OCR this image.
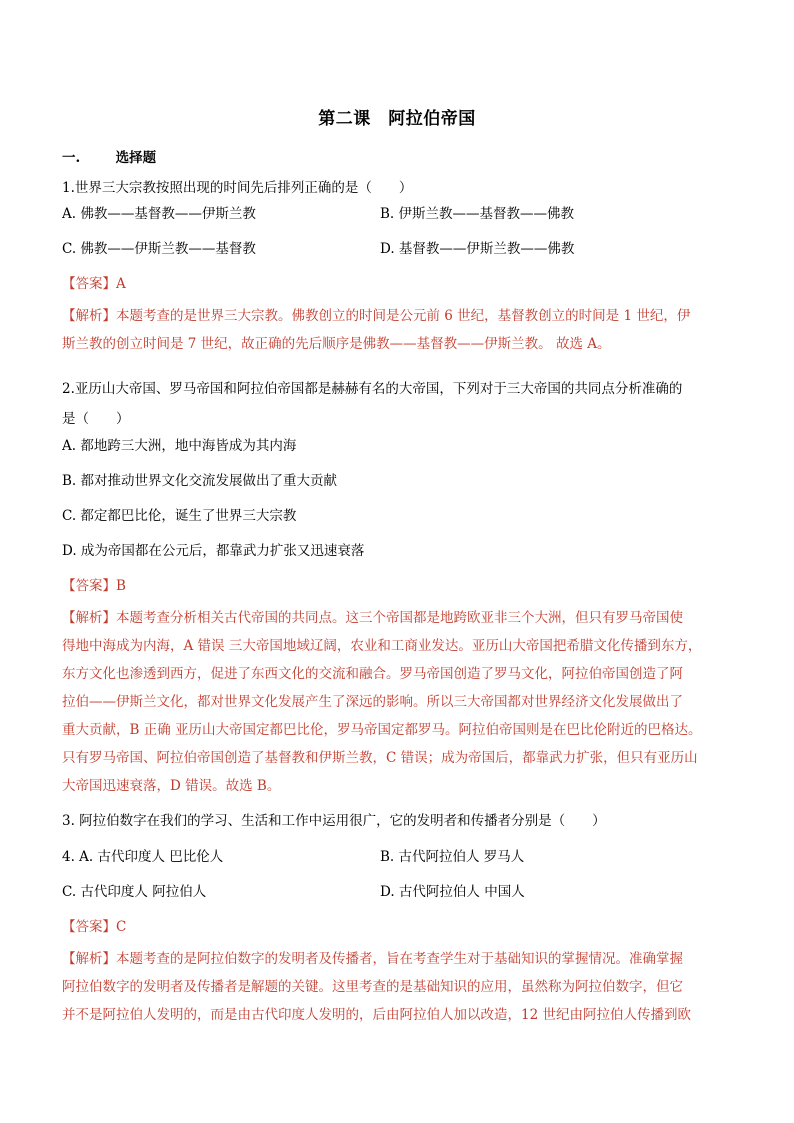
第二课　阿拉伯帝国
一.	选择题
1.世界三大宗教按照出现的时间先后排列正确的是（　　）
A. 佛教——基督教——伊斯兰教	B. 伊斯兰教——基督教——佛教
C. 佛教——伊斯兰教——基督教	D. 基督教——伊斯兰教——佛教
【答案】A
【解析】本题考查的是世界三大宗教。佛教创立的时间是公元前 6 世纪，基督教创立的时间是 1 世纪，伊
斯兰教的创立时间是 7 世纪，故正确的先后顺序是佛教——基督教——伊斯兰教。 故选 A。
2.亚历山大帝国、罗马帝国和阿拉伯帝国都是赫赫有名的大帝国，下列对于三大帝国的共同点分析准确的
是（　　）
A. 都地跨三大洲，地中海皆成为其内海
B. 都对推动世界文化交流发展做出了重大贡献
C. 都定都巴比伦，诞生了世界三大宗教
D. 成为帝国都在公元后，都靠武力扩张又迅速衰落
【答案】B
【解析】本题考查分析相关古代帝国的共同点。这三个帝国都是地跨欧亚非三个大洲，但只有罗马帝国使
得地中海成为内海，A 错误 三大帝国地域辽阔，农业和工商业发达。亚历山大帝国把希腊文化传播到东方，
东方文化也渗透到西方，促进了东西文化的交流和融合。罗马帝国创造了罗马文化，阿拉伯帝国创造了阿
拉伯——伊斯兰文化，都对世界文化发展产生了深远的影响。所以三大帝国都对世界经济文化发展做出了
重大贡献，B 正确 亚历山大帝国定都巴比伦，罗马帝国定都罗马。阿拉伯帝国则是在巴比伦附近的巴格达。
只有罗马帝国、阿拉伯帝国创造了基督教和伊斯兰教，C 错误；成为帝国后，都靠武力扩张，但只有亚历山
大帝国迅速衰落，D 错误。故选 B。
3. 阿拉伯数字在我们的学习、生活和工作中运用很广，它的发明者和传播者分别是（　　）
4. A. 古代印度人 巴比伦人	B. 古代阿拉伯人 罗马人
C. 古代印度人 阿拉伯人	D. 古代阿拉伯人 中国人
【答案】C
【解析】本题考查的是阿拉伯数字的发明者及传播者，旨在考查学生对于基础知识的掌握情况。准确掌握
阿拉伯数字的发明者及传播者是解题的关键。这里考查的是基础知识的应用，虽然称为阿拉伯数字，但它
并不是阿拉伯人发明的，而是由古代印度人发明的，后由阿拉伯人加以改造，12 世纪由阿拉伯人传播到欧
